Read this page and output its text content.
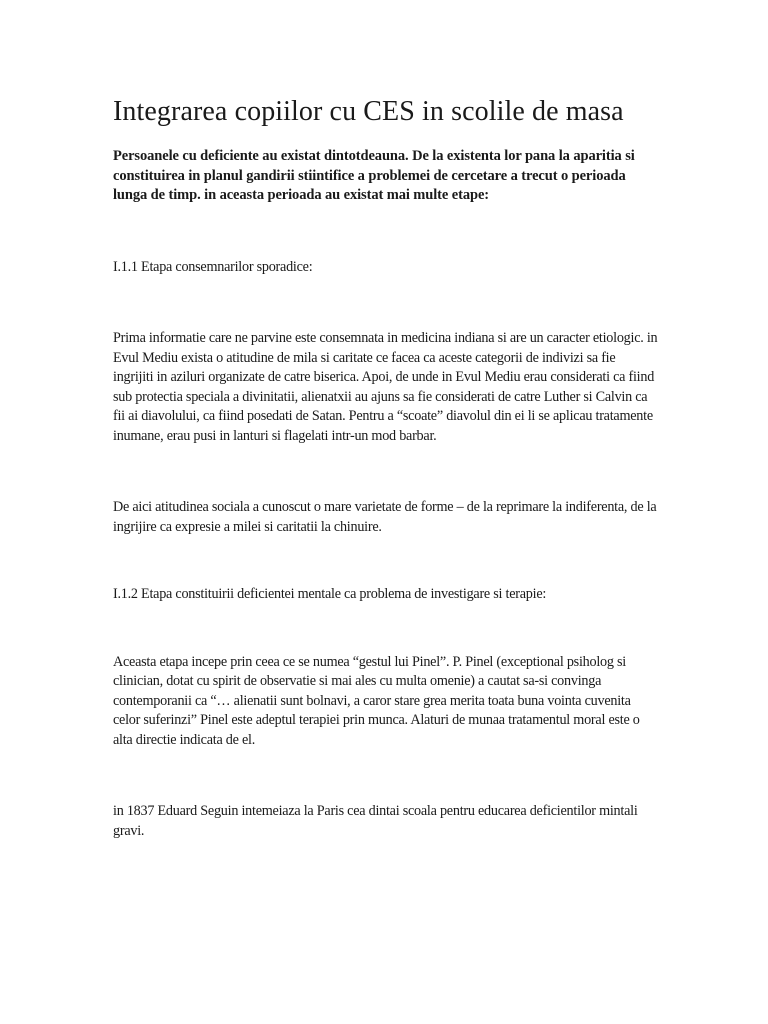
Integrarea copiilor cu CES in scolile de masa
Persoanele cu deficiente au existat dintotdeauna. De la existenta lor pana la aparitia si constituirea in planul gandirii stiintifice a problemei de cercetare a trecut o perioada lunga de timp. in aceasta perioada au existat mai multe etape:
I.1.1 Etapa consemnarilor sporadice:
Prima informatie care ne parvine este consemnata in medicina indiana si are un caracter etiologic. in Evul Mediu exista o atitudine de mila si caritate ce facea ca aceste categorii de indivizi sa fie ingrijiti in aziluri organizate de catre biserica. Apoi, de unde in Evul Mediu erau considerati ca fiind sub protectia speciala a divinitatii, alienatxii au ajuns sa fie considerati de catre Luther si Calvin ca fii ai diavolului, ca fiind posedati de Satan. Pentru a “scoate” diavolul din ei li se aplicau tratamente inumane, erau pusi in lanturi si flagelati intr-un mod barbar.
De aici atitudinea sociala a cunoscut o mare varietate de forme – de la reprimare la indiferenta, de la ingrijire ca expresie a milei si caritatii la chinuire.
I.1.2 Etapa constituirii deficientei mentale ca problema de investigare si terapie:
Aceasta etapa incepe prin ceea ce se numea “gestul lui Pinel”. P. Pinel (exceptional psiholog si clinician, dotat cu spirit de observatie si mai ales cu multa omenie) a cautat sa-si convinga contemporanii ca “… alienatii sunt bolnavi, a caror stare grea merita toata buna vointa cuvenita celor suferinzi” Pinel este adeptul terapiei prin munca. Alaturi de munaa tratamentul moral este o alta directie indicata de el.
in 1837 Eduard Seguin intemeiaza la Paris cea dintai scoala pentru educarea deficientilor mintali gravi.
